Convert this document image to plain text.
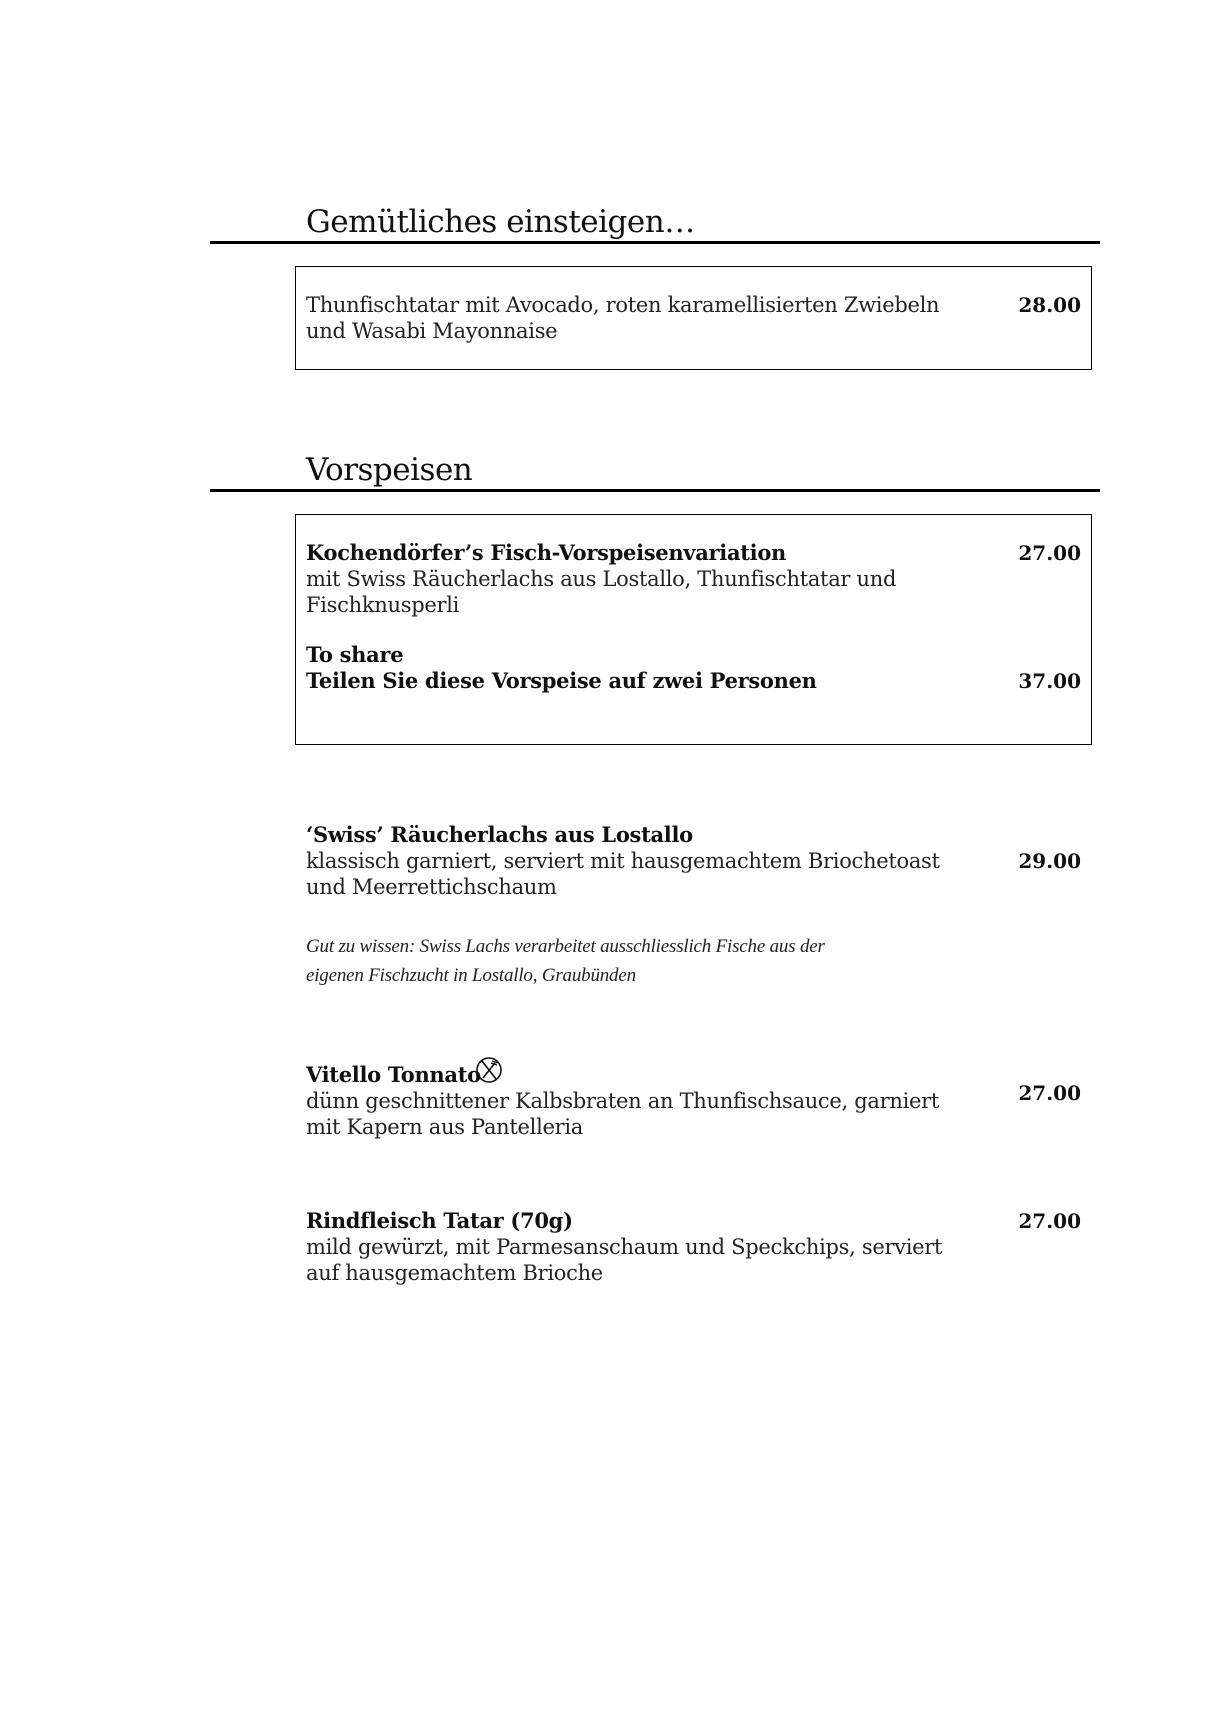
Gemütliches einsteigen…
Thunfischtatar mit Avocado, roten karamellisierten Zwiebeln
und Wasabi Mayonnaise
28.00
Vorspeisen
Kochendörfer’s Fisch-Vorspeisenvariation	27.00
mit Swiss Räucherlachs aus Lostallo, Thunfischtatar und
Fischknusperli
To share
Teilen Sie diese Vorspeise auf zwei Personen	37.00
‘Swiss’ Räucherlachs aus Lostallo
klassisch garniert, serviert mit hausgemachtem Briochetoast
und Meerrettichschaum
29.00
Gut zu wissen: Swiss Lachs verarbeitet ausschliesslich Fische aus der
eigenen Fischzucht in Lostallo, Graubünden
Vitello Tonnato
dünn geschnittener Kalbsbraten an Thunfischsauce, garniert
mit Kapern aus Pantelleria
27.00
Rindfleisch Tatar (70g)	27.00
mild gewürzt, mit Parmesanschaum und Speckchips, serviert
auf hausgemachtem Brioche
